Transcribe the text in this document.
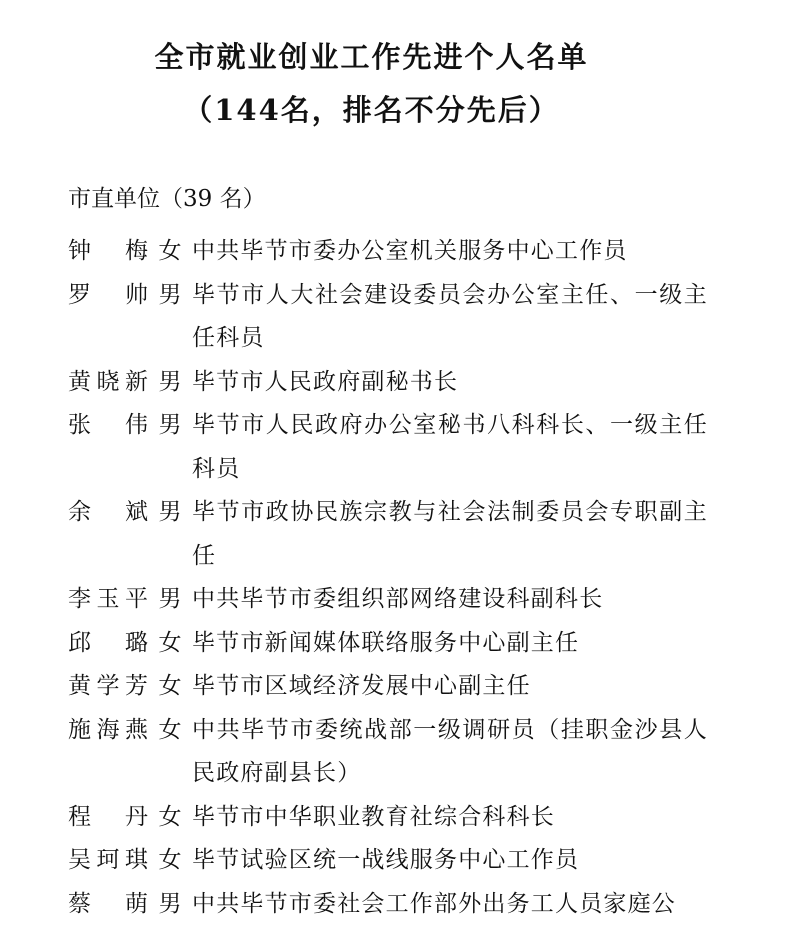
全市就业创业工作先进个人名单
（144名，排名不分先后）
市直单位（39 名）
钟梅 女 中共毕节市委办公室机关服务中心工作员
罗帅 男 毕节市人大社会建设委员会办公室主任、一级主任科员
黄晓新 男 毕节市人民政府副秘书长
张伟 男 毕节市人民政府办公室秘书八科科长、一级主任科员
余斌 男 毕节市政协民族宗教与社会法制委员会专职副主任
李玉平 男 中共毕节市委组织部网络建设科副科长
邱璐 女 毕节市新闻媒体联络服务中心副主任
黄学芳 女 毕节市区域经济发展中心副主任
施海燕 女 中共毕节市委统战部一级调研员（挂职金沙县人民政府副县长）
程丹 女 毕节市中华职业教育社综合科科长
吴珂琪 女 毕节试验区统一战线服务中心工作员
蔡萌 男 中共毕节市委社会工作部外出务工人员家庭公
